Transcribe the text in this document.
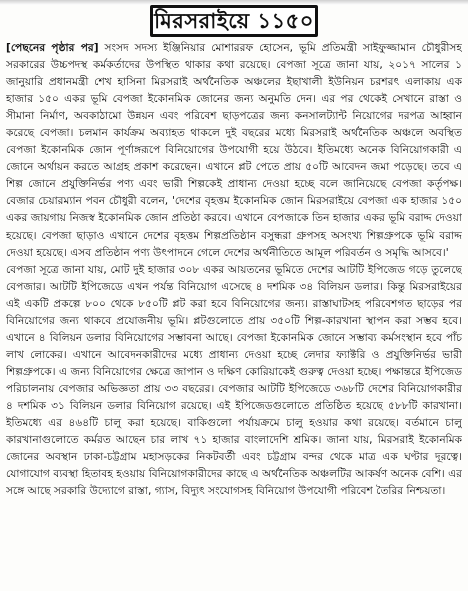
মিরসরাইয়ে ১১৫০

[পেছনের পৃষ্ঠার পর] সংসদ সদস্য ইঞ্জিনিয়ার মোশাররফ হোসেন, ভূমি প্রতিমন্ত্রী সাইফুজ্জামান চৌধুরীসহ সরকারের উচ্চপদস্থ কর্মকর্তাদের উপস্থিত থাকার কথা রয়েছে। বেপজা সূত্রে জানা যায়, ২০১৭ সালের ১ জানুয়ারি প্রধানমন্ত্রী শেখ হাসিনা মিরসরাই অর্থনৈতিক অঞ্চলের ইছাখালী ইউনিয়ন চরশরৎ এলাকায় এক হাজার ১৫০ একর ভূমি বেপজা ইকোনমিক জোনের জন্য অনুমতি দেন। এর পর থেকেই সেখানে রাস্তা ও সীমানা নির্মাণ, অবকাঠামো উন্নয়ন এবং পরিবেশ ছাড়পত্রের জন্য কনসালট্যান্ট নিয়োগের দরপত্র আহ্বান করেছে বেপজা। চলমান কার্যক্রম অব্যাহত থাকলে দুই বছরের মধ্যে মিরসরাই অর্থনৈতিক অঞ্চলে অবস্থিত বেপজা ইকোনমিক জোন পূর্ণাঙ্গরূপে বিনিয়োগের উপযোগী হয়ে উঠবে। ইতিমধ্যে অনেক বিনিয়োগকারী এ জোনে অর্থায়ন করতে আগ্রহ প্রকাশ করেছেন। এখানে প্লট পেতে প্রায় ৫০টি আবেদন জমা পড়েছে। তবে এ শিল্প জোনে প্রযুক্তিনির্ভর পণ্য এবং ভারী শিল্পকেই প্রাধান্য দেওয়া হচ্ছে বলে জানিয়েছে বেপজা কর্তৃপক্ষ। বেজার চেয়ারম্যান পবন চৌধুরী বলেন, 'দেশের বৃহত্তম ইকোনমিক জোন মিরসরাইয়ে বেপজা এক হাজার ১৫০ একর জায়গায় নিজস্ব ইকোনমিক জোন প্রতিষ্ঠা করবে। এখানে বেপজাকে তিন হাজার একর ভূমি বরাদ্দ দেওয়া হয়েছে। বেপজা ছাড়াও এখানে দেশের বৃহত্তম শিল্পপ্রতিষ্ঠান বসুন্ধরা গ্রুপসহ অসংখ্য শিল্পগ্রুপকে ভূমি বরাদ্দ দেওয়া হয়েছে। এসব প্রতিষ্ঠান পণ্য উৎপাদনে গেলে দেশের অর্থনীতিতে আমূল পরিবর্তন ও সমৃদ্ধি আসবে।'

বেপজা সূত্রে জানা যায়, মোট দুই হাজার ৩০৮ একর আয়তনের ভূমিতে দেশের আটটি ইপিজেড গড়ে তুলেছে বেপজার। আটটি ইপিজেডে এখন পর্যন্ত বিনিয়োগ এসেছে ৪ দশমিক ৩৪ বিলিয়ন ডলার। কিন্তু মিরসরাইয়ের এই একটি প্রকল্পে ৮০০ থেকে ৮৫০টি প্লট করা হবে বিনিয়োগের জন্য। রাস্তাঘাটসহ পরিবেশগত ছাড়ের পর বিনিয়োগের জন্য থাকবে প্রযোজনীয় ভূমি। প্লটগুলোতে প্রায় ৩৫০টি শিল্প-কারখানা স্থাপন করা সম্ভব হবে। এখানে ৪ বিলিয়ন ডলার বিনিয়োগের সম্ভাবনা আছে। বেপজা ইকোনমিক জোনে সম্ভাব্য কর্মসংস্থান হবে পাঁচ লাখ লোকের। এখানে আবেদনকারীদের মধ্যে প্রাধান্য দেওয়া হচ্ছে লেদার ফ্যাক্টরি ও প্রযুক্তিনির্ভর ভারী শিল্পগ্রুপকে। এ জন্য বিনিয়োগের ক্ষেত্রে জাপান ও দক্ষিণ কোরিয়াকেই গুরুত্ব দেওয়া হচ্ছে। পক্ষান্তরে ইপিজেড পরিচালনায় বেপজার অভিজ্ঞতা প্রায় ৩৩ বছরের। বেপজার আটটি ইপিজেডে ৩৬৮টি দেশের বিনিয়োগকারীর ৪ দশমিক ৩১ বিলিয়ন ডলার বিনিয়োগ রয়েছে। এই ইপিজেডগুলোতে প্রতিষ্ঠিত হয়েছে ৫৮৮টি কারখানা। ইতিমধ্যে এর ৪৬৪টি চালু করা হয়েছে। বাকিগুলো পর্যায়ক্রমে চালু হওয়ার কথা রয়েছে। বর্তমানে চালু কারখানাগুলোতে কর্মরত আছেন চার লাখ ৭১ হাজার বাংলাদেশি শ্রমিক। জানা যায়, মিরসরাই ইকোনমিক জোনের অবস্থান ঢাকা-চট্টগ্রাম মহাসড়কের নিকটবর্তী এবং চট্টগ্রাম বন্দর থেকে মাত্র এক ঘণ্টার দূরত্বে। যোগাযোগ ব্যবস্থা হিতাবহ হওয়ায় বিনিয়োগকারীদের কাছে এ অর্থনৈতিক অঞ্চলটির আকর্ষণ অনেক বেশি। এর সঙ্গে আছে সরকারি উদ্যোগে রাস্তা, গ্যাস, বিদ্যুৎ সংযোগসহ বিনিয়োগ উপযোগী পরিবেশ তৈরির নিশ্চয়তা।
